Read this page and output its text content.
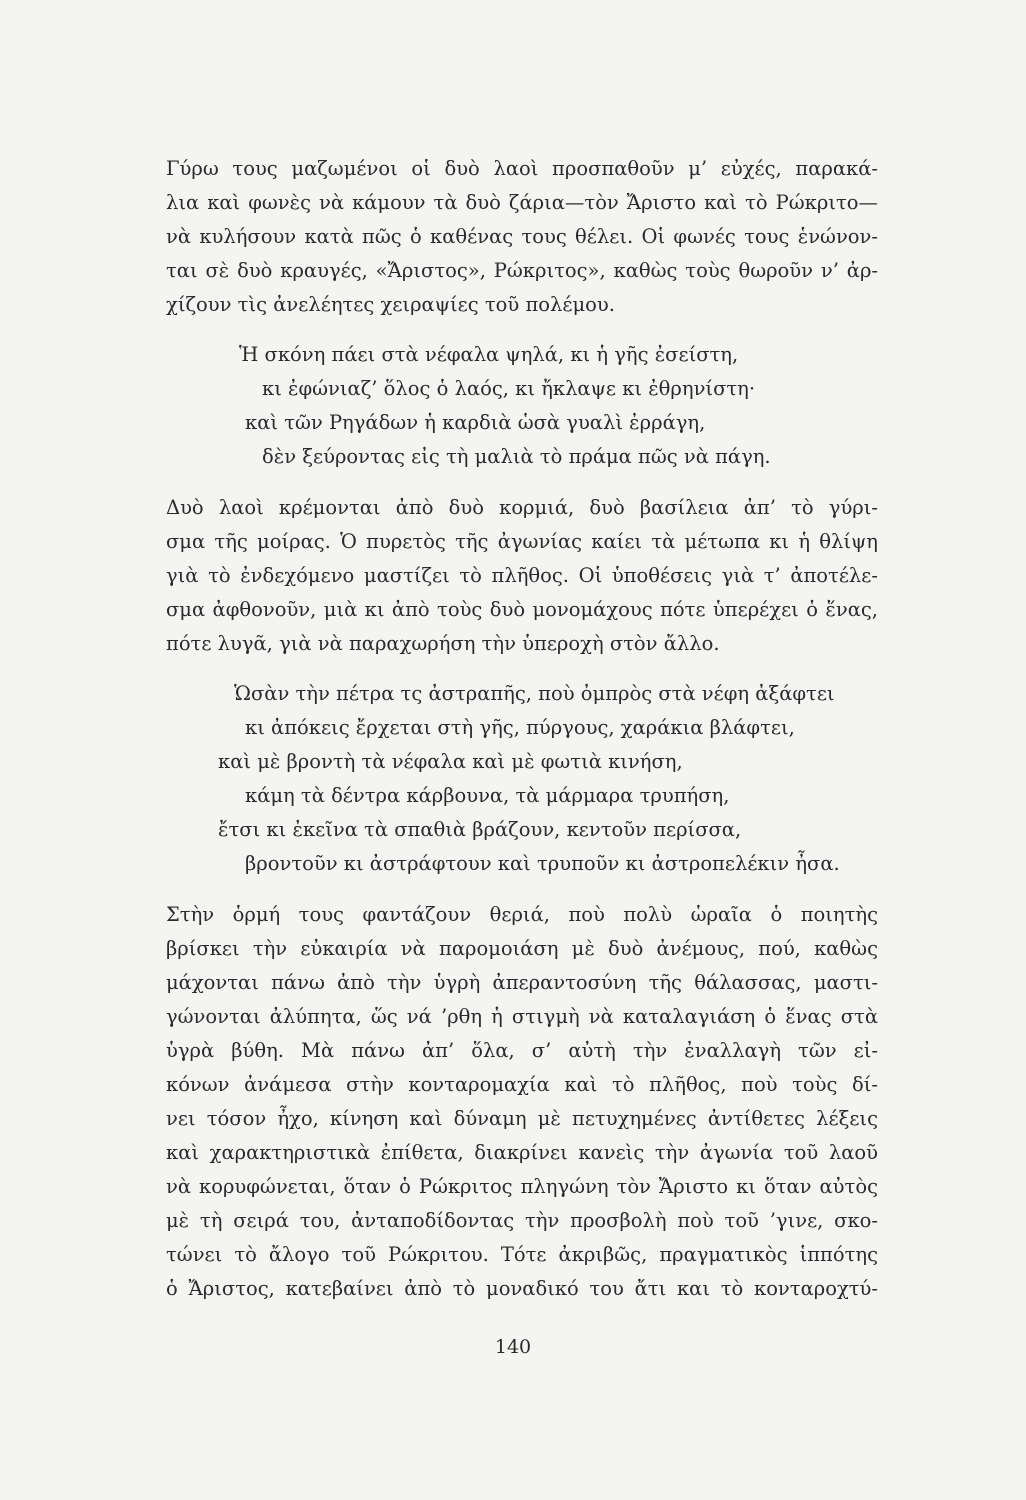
Γύρω τους μαζωμένοι οἱ δυὸ λαοὶ προσπαθοῦν μ’ εὐχές, παρακά-

λια καὶ φωνὲς νὰ κάμουν τὰ δυὸ ζάρια—τὸν Ἄριστο καὶ τὸ Ρώκριτο—

νὰ κυλήσουν κατὰ πῶς ὁ καθένας τους θέλει. Οἱ φωνές τους ἑνώνον-

ται σὲ δυὸ κραυγές, «Ἄριστος», Ρώκριτος», καθὼς τοὺς θωροῦν ν’ ἀρ-

χίζουν τὶς ἀνελέητες χειραψίες τοῦ πολέμου.

Ἡ σκόνη πάει στὰ νέφαλα ψηλά, κι ἡ γῆς ἐσείστη,

κι ἐφώνιαζ’ ὅλος ὁ λαός, κι ἤκλαψε κι ἐθρηνίστη·

καὶ τῶν Ρηγάδων ἡ καρδιὰ ὡσὰ γυαλὶ ἐρράγη,

δὲν ξεύροντας εἰς τὴ μαλιὰ τὸ πράμα πῶς νὰ πάγη.

Δυὸ λαοὶ κρέμονται ἀπὸ δυὸ κορμιά, δυὸ βασίλεια ἀπ’ τὸ γύρι-

σμα τῆς μοίρας. Ὁ πυρετὸς τῆς ἀγωνίας καίει τὰ μέτωπα κι ἡ θλίψη

γιὰ τὸ ἐνδεχόμενο μαστίζει τὸ πλῆθος. Οἱ ὑποθέσεις γιὰ τ’ ἀποτέλε-

σμα ἀφθονοῦν, μιὰ κι ἀπὸ τοὺς δυὸ μονομάχους πότε ὑπερέχει ὁ ἕνας,

πότε λυγᾶ, γιὰ νὰ παραχωρήση τὴν ὑπεροχὴ στὸν ἄλλο.

Ὡσὰν τὴν πέτρα τς ἀστραπῆς, ποὺ ὀμπρὸς στὰ νέφη ἀξάφτει

κι ἀπόκεις ἔρχεται στὴ γῆς, πύργους, χαράκια βλάφτει,

καὶ μὲ βροντὴ τὰ νέφαλα καὶ μὲ φωτιὰ κινήση,

κάμη τὰ δέντρα κάρβουνα, τὰ μάρμαρα τρυπήση,

ἔτσι κι ἐκεῖνα τὰ σπαθιὰ βράζουν, κεντοῦν περίσσα,

βροντοῦν κι ἀστράφτουν καὶ τρυποῦν κι ἀστροπελέκιν ἦσα.

Στὴν ὁρμή τους φαντάζουν θεριά, ποὺ πολὺ ὡραῖα ὁ ποιητὴς

βρίσκει τὴν εὐκαιρία νὰ παρομοιάση μὲ δυὸ ἀνέμους, πού, καθὼς

μάχονται πάνω ἀπὸ τὴν ὑγρὴ ἀπεραντοσύνη τῆς θάλασσας, μαστι-

γώνονται ἀλύπητα, ὥς νά ’ρθη ἡ στιγμὴ νὰ καταλαγιάση ὁ ἕνας στὰ

ὑγρὰ βύθη. Μὰ πάνω ἀπ’ ὅλα, σ’ αὐτὴ τὴν ἐναλλαγὴ τῶν εἰ-

κόνων ἀνάμεσα στὴν κονταρομαχία καὶ τὸ πλῆθος, ποὺ τοὺς δί-

νει τόσον ἦχο, κίνηση καὶ δύναμη μὲ πετυχημένες ἀντίθετες λέξεις

καὶ χαρακτηριστικὰ ἐπίθετα, διακρίνει κανεὶς τὴν ἀγωνία τοῦ λαοῦ

νὰ κορυφώνεται, ὅταν ὁ Ρώκριτος πληγώνη τὸν Ἄριστο κι ὅταν αὐτὸς

μὲ τὴ σειρά του, ἀνταποδίδοντας τὴν προσβολὴ ποὺ τοῦ ’γινε, σκο-

τώνει τὸ ἄλογο τοῦ Ρώκριτου. Τότε ἀκριβῶς, πραγματικὸς ἱππότης

ὁ Ἄριστος, κατεβαίνει ἀπὸ τὸ μοναδικό του ἄτι και τὸ κονταροχτύ-

140
